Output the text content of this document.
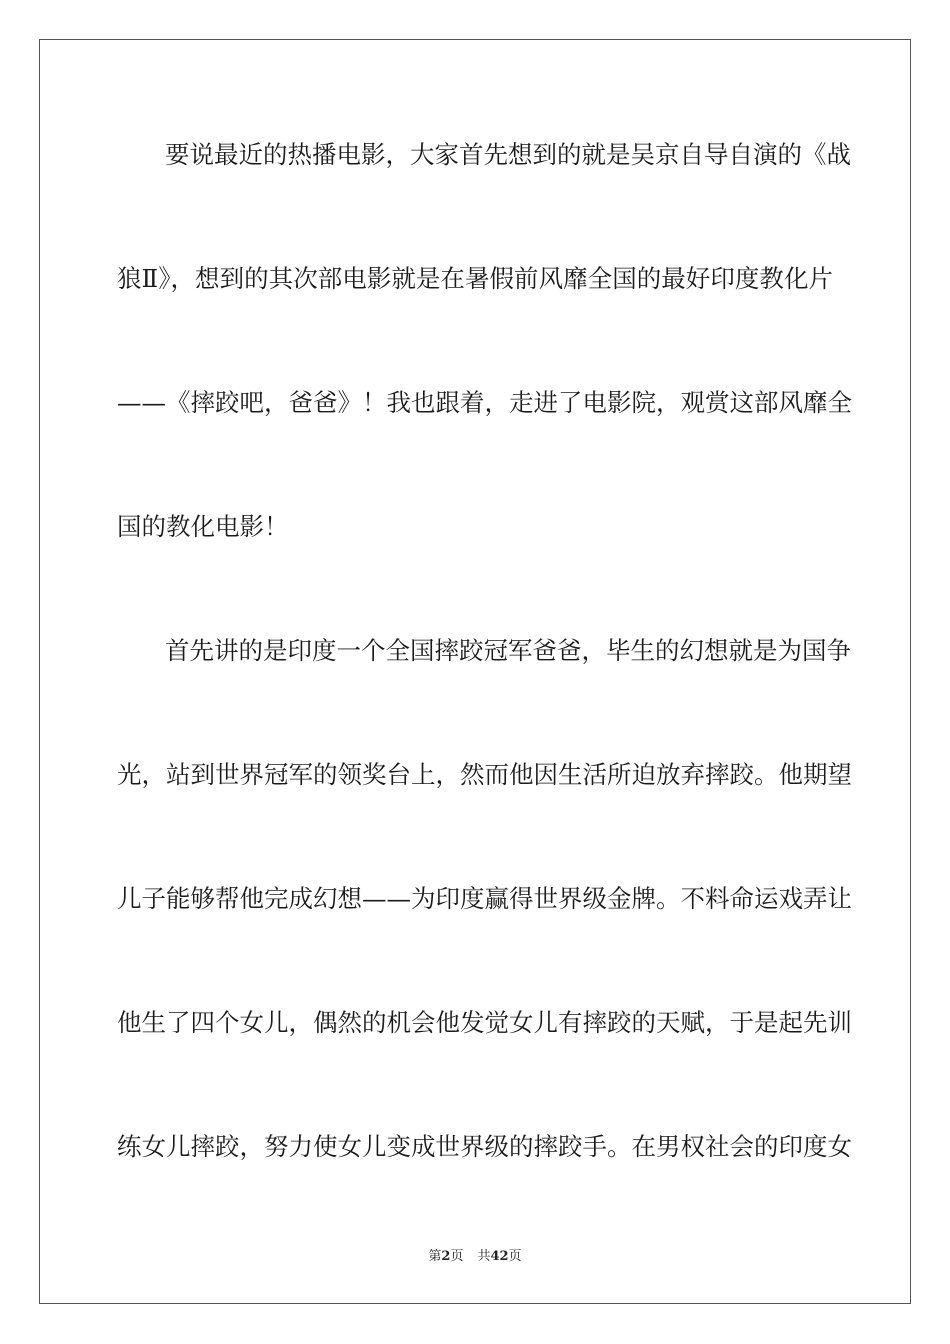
要说最近的热播电影，大家首先想到的就是吴京自导自演的《战
狼Ⅱ》，想到的其次部电影就是在暑假前风靡全国的最好印度教化片
——《摔跤吧，爸爸》！我也跟着，走进了电影院，观赏这部风靡全
国的教化电影！
首先讲的是印度一个全国摔跤冠军爸爸，毕生的幻想就是为国争
光，站到世界冠军的领奖台上，然而他因生活所迫放弃摔跤。他期望
儿子能够帮他完成幻想——为印度赢得世界级金牌。不料命运戏弄让
他生了四个女儿，偶然的机会他发觉女儿有摔跤的天赋，于是起先训
练女儿摔跤，努力使女儿变成世界级的摔跤手。在男权社会的印度女
第2页 共42页
